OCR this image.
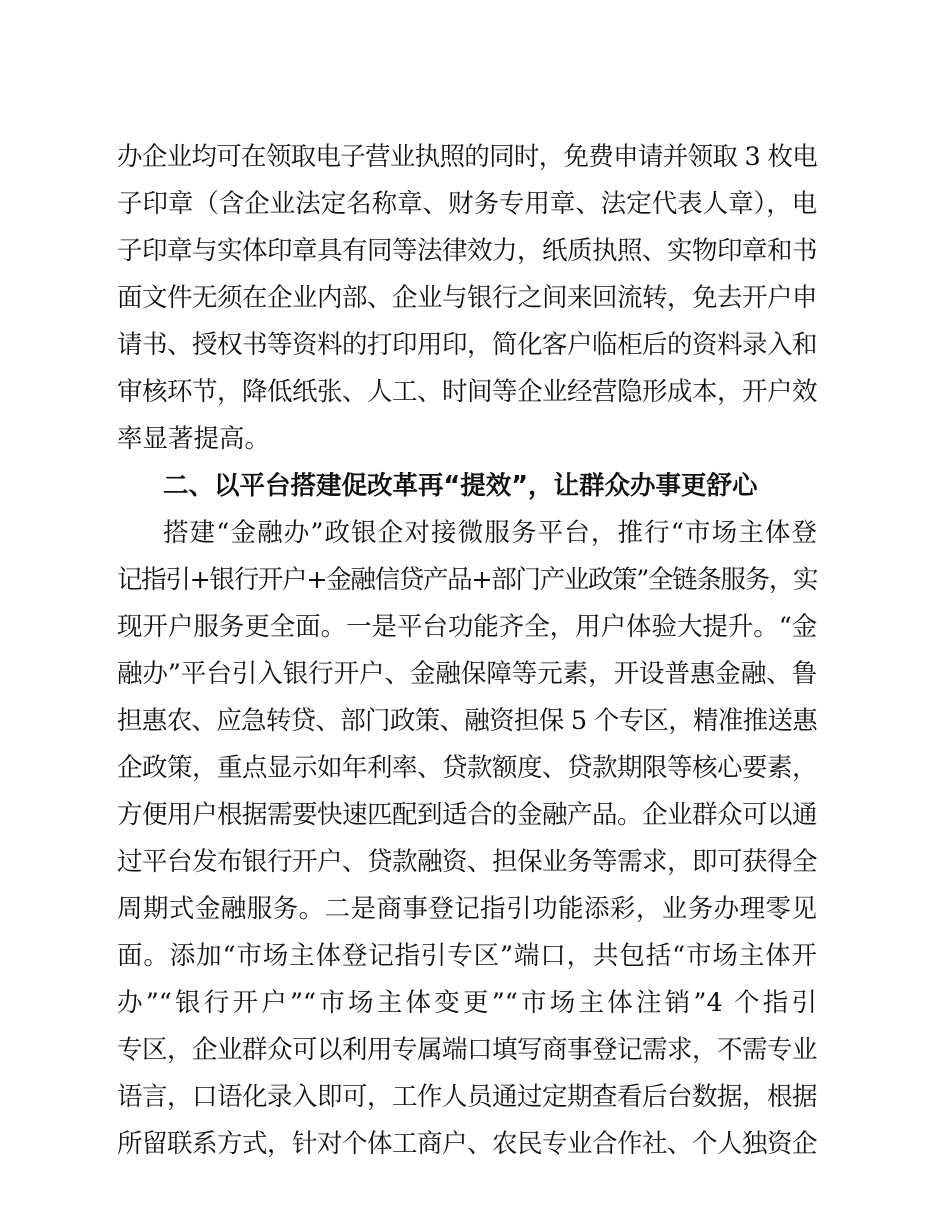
办企业均可在领取电子营业执照的同时，免费申请并领取 3 枚电
子印章（含企业法定名称章、财务专用章、法定代表人章），电
子印章与实体印章具有同等法律效力，纸质执照、实物印章和书
面文件无须在企业内部、企业与银行之间来回流转，免去开户申
请书、授权书等资料的打印用印，简化客户临柜后的资料录入和
审核环节，降低纸张、人工、时间等企业经营隐形成本，开户效
率显著提高。
二、以平台搭建促改革再“提效”，让群众办事更舒心
搭建“金融办”政银企对接微服务平台，推行“市场主体登
记指引+银行开户+金融信贷产品+部门产业政策”全链条服务，实
现开户服务更全面。一是平台功能齐全，用户体验大提升。“金
融办”平台引入银行开户、金融保障等元素，开设普惠金融、鲁
担惠农、应急转贷、部门政策、融资担保 5 个专区，精准推送惠
企政策，重点显示如年利率、贷款额度、贷款期限等核心要素，
方便用户根据需要快速匹配到适合的金融产品。企业群众可以通
过平台发布银行开户、贷款融资、担保业务等需求，即可获得全
周期式金融服务。二是商事登记指引功能添彩，业务办理零见
面。添加“市场主体登记指引专区”端口，共包括“市场主体开
办”“银行开户”“市场主体变更”“市场主体注销”4 个指引
专区，企业群众可以利用专属端口填写商事登记需求，不需专业
语言，口语化录入即可，工作人员通过定期查看后台数据，根据
所留联系方式，针对个体工商户、农民专业合作社、个人独资企
